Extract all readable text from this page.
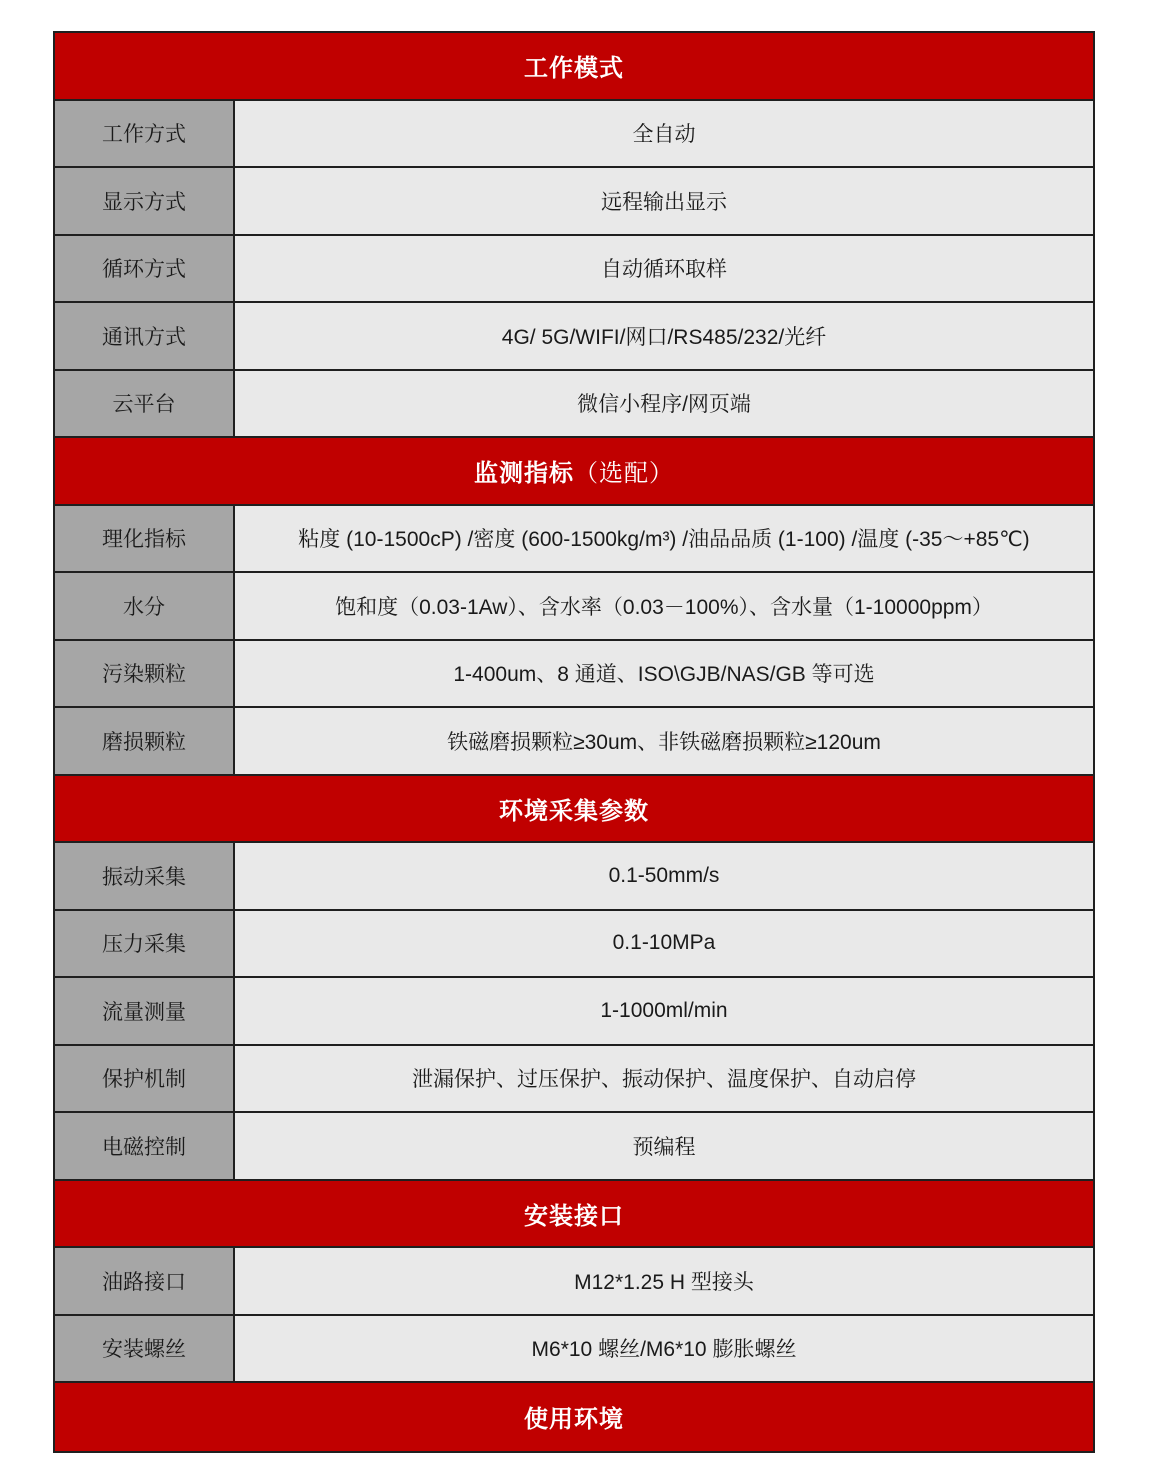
工作模式
工作方式	全自动
显示方式	远程输出显示
循环方式	自动循环取样
通讯方式	4G/ 5G/WIFI/网口/RS485/232/光纤
云平台	微信小程序/网页端
监测指标 （选配）
理化指标	粘度 (10-1500cP) /密度 (600-1500kg/m³) /油品品质 (1-100) /温度 (-35～+85℃)
水分	饱和度（0.03-1Aw）、含水率（0.03－100%）、含水量（1-10000ppm）
污染颗粒	1-400um、8 通道、ISO\GJB/NAS/GB 等可选
磨损颗粒	铁磁磨损颗粒≥30um、非铁磁磨损颗粒≥120um
环境采集参数
振动采集	0.1-50mm/s
压力采集	0.1-10MPa
流量测量	1-1000ml/min
保护机制	泄漏保护、过压保护、振动保护、温度保护、自动启停
电磁控制	预编程
安装接口
油路接口	M12*1.25 H 型接头
安装螺丝	M6*10 螺丝/M6*10 膨胀螺丝
使用环境
